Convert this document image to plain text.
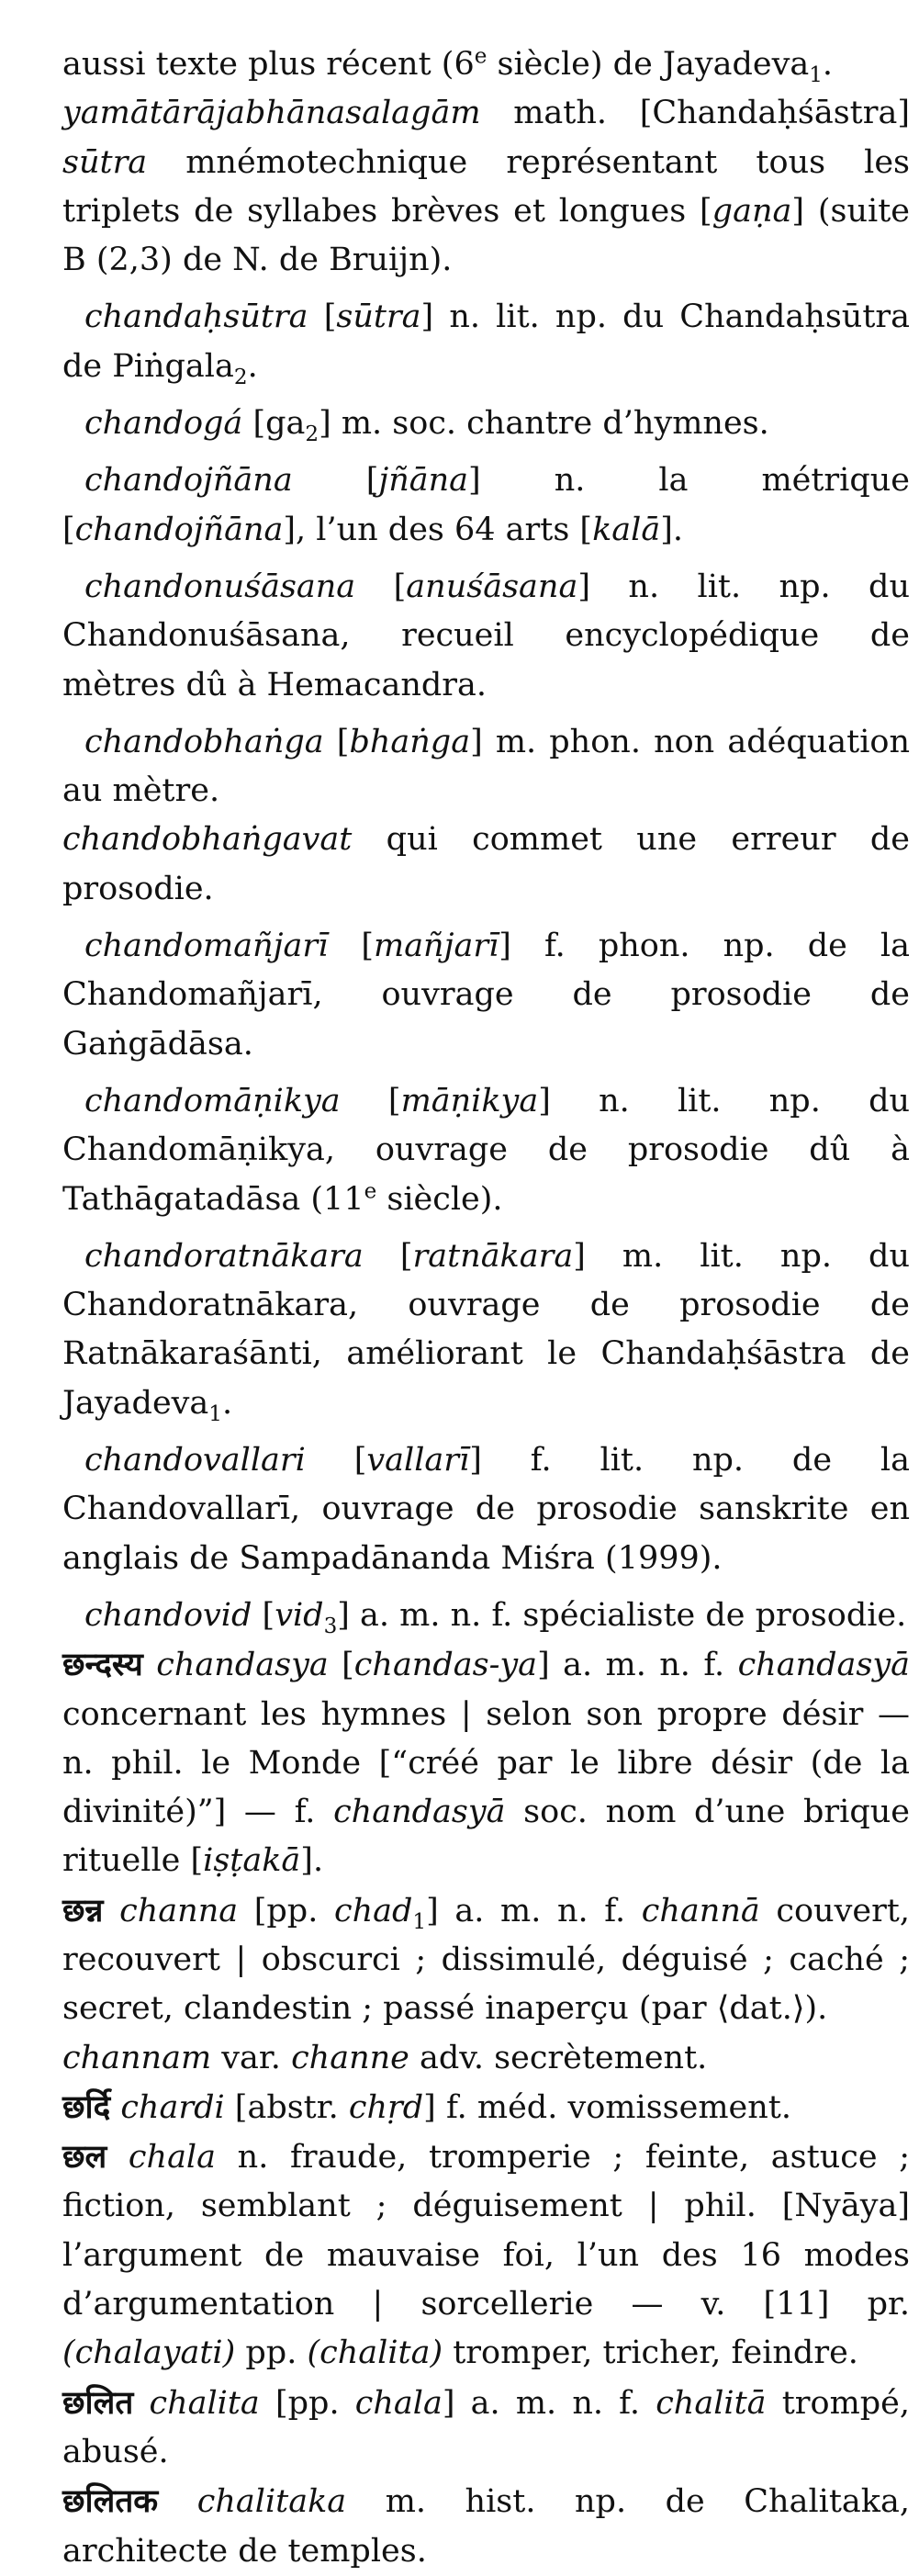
aussi texte plus récent (6e siècle) de Jayadeva$_1$.

yamātārājabhānasalagām math. [Chandaḥśāstra] sūtra mnémotechnique représentant tous les triplets de syllabes brèves et longues [gaṇa] (suite B (2,3) de N. de Bruijn).

chandaḥsūtra [sūtra] n. lit. np. du Chandaḥsūtra de Piṅgala$_2$.

chandogá $[ga_2]$ m. soc. chantre d’hymnes.

chandojñāna [jñāna] n. la métrique [chandojñāna], l’un des 64 arts [kalā].

chandonuśāsana [anuśāsana] n. lit. np. du Chandonuśāsana, recueil encyclopédique de mètres dû à Hemacandra.

chandobhaṅga [bhaṅga] m. phon. non adéquation au mètre.

chandobhaṅgavat qui commet une erreur de prosodie.

chandomañjarī [mañjarī] f. phon. np. de la Chandomañjarī, ouvrage de prosodie de Gaṅgādāsa.

chandomāṇikya [māṇikya] n. lit. np. du Chandomāṇikya, ouvrage de prosodie dû à Tathāgatadāsa (11e siècle).

chandoratnākara [ratnākara] m. lit. np. du Chandoratnākara, ouvrage de prosodie de Ratnākaraśānti, améliorant le Chandaḥśāstra de Jayadeva$_1$.

chandovallari [vallarī] f. lit. np. de la Chandovallarī, ouvrage de prosodie sanskrite en anglais de Sampadānanda Miśra (1999).

chandovid [vid$_3$] a. m. n. f. spécialiste de prosodie.

छन्दस्य chandasya [chandas-ya] a. m. n. f. chandasyā concernant les hymnes | selon son propre désir — n. phil. le Monde [“créé par le libre désir (de la divinité)”] — f. chandasyā soc. nom d’une brique rituelle [iṣṭakā].

छन्न channa [pp. chad$_1$] a. m. n. f. channā couvert, recouvert | obscurci ; dissimulé, déguisé ; caché ; secret, clandestin ; passé inaperçu (par ⟨dat.⟩).

channam var. channe adv. secrètement.

छर्दि chardi [abstr. chṛd] f. méd. vomissement.

छल chala n. fraude, tromperie ; feinte, astuce ; fiction, semblant ; déguisement | phil. [Nyāya] l’argument de mauvaise foi, l’un des 16 modes d’argumentation | sorcellerie — v. [11] pr. (chalayati) pp. (chalita) tromper, tricher, feindre.

छलित chalita [pp. chala] a. m. n. f. chalitā trompé, abusé.

छलितक chalitaka m. hist. np. de Chalitaka, architecte de temples.
